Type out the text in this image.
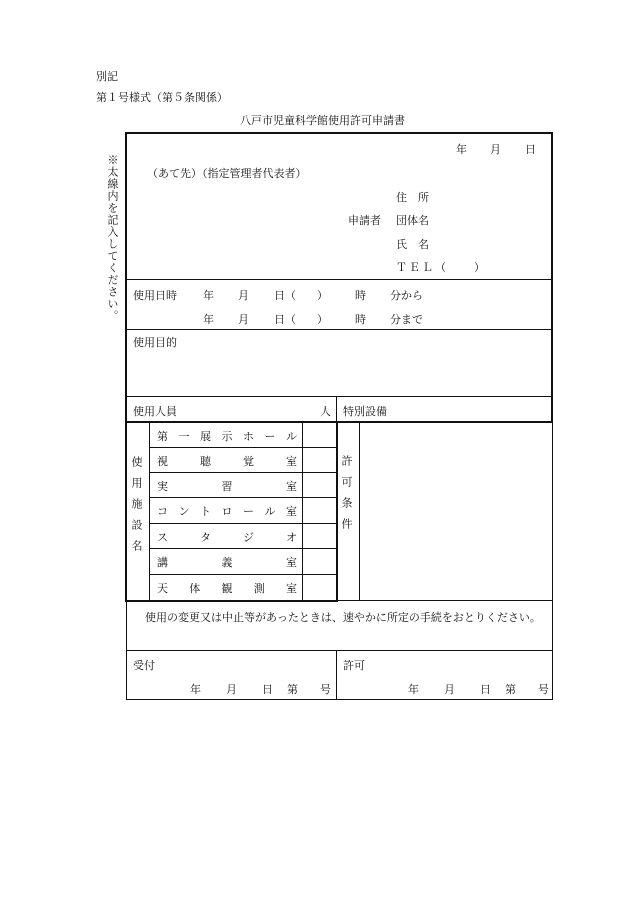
別記
第１号様式（第５条関係）
八戸市児童科学館使用許可申請書
※太線内を記入してください。
年 月 日
（あて先）（指定管理者代表者）
住　所
申請者 団体名
氏　名
ＴＥＬ（　　）
使用日時 年 月 日（ ） 時 分から
年 月 日（ ） 時 分まで
使用目的
使用人員	人 特別設備
使用施設名
第 一 展 示 ホ ー ル
視	聴	覚	室
実	習	室
コ ン ト ロ ー ル 室
ス	タ	ジ	オ
講	義	室
天 体 観 測 室
許可条件
使用の変更又は中止等があったときは、速やかに所定の手続をおとりください。
受付
年 月 日 第 号
許可
年 月 日 第 号
